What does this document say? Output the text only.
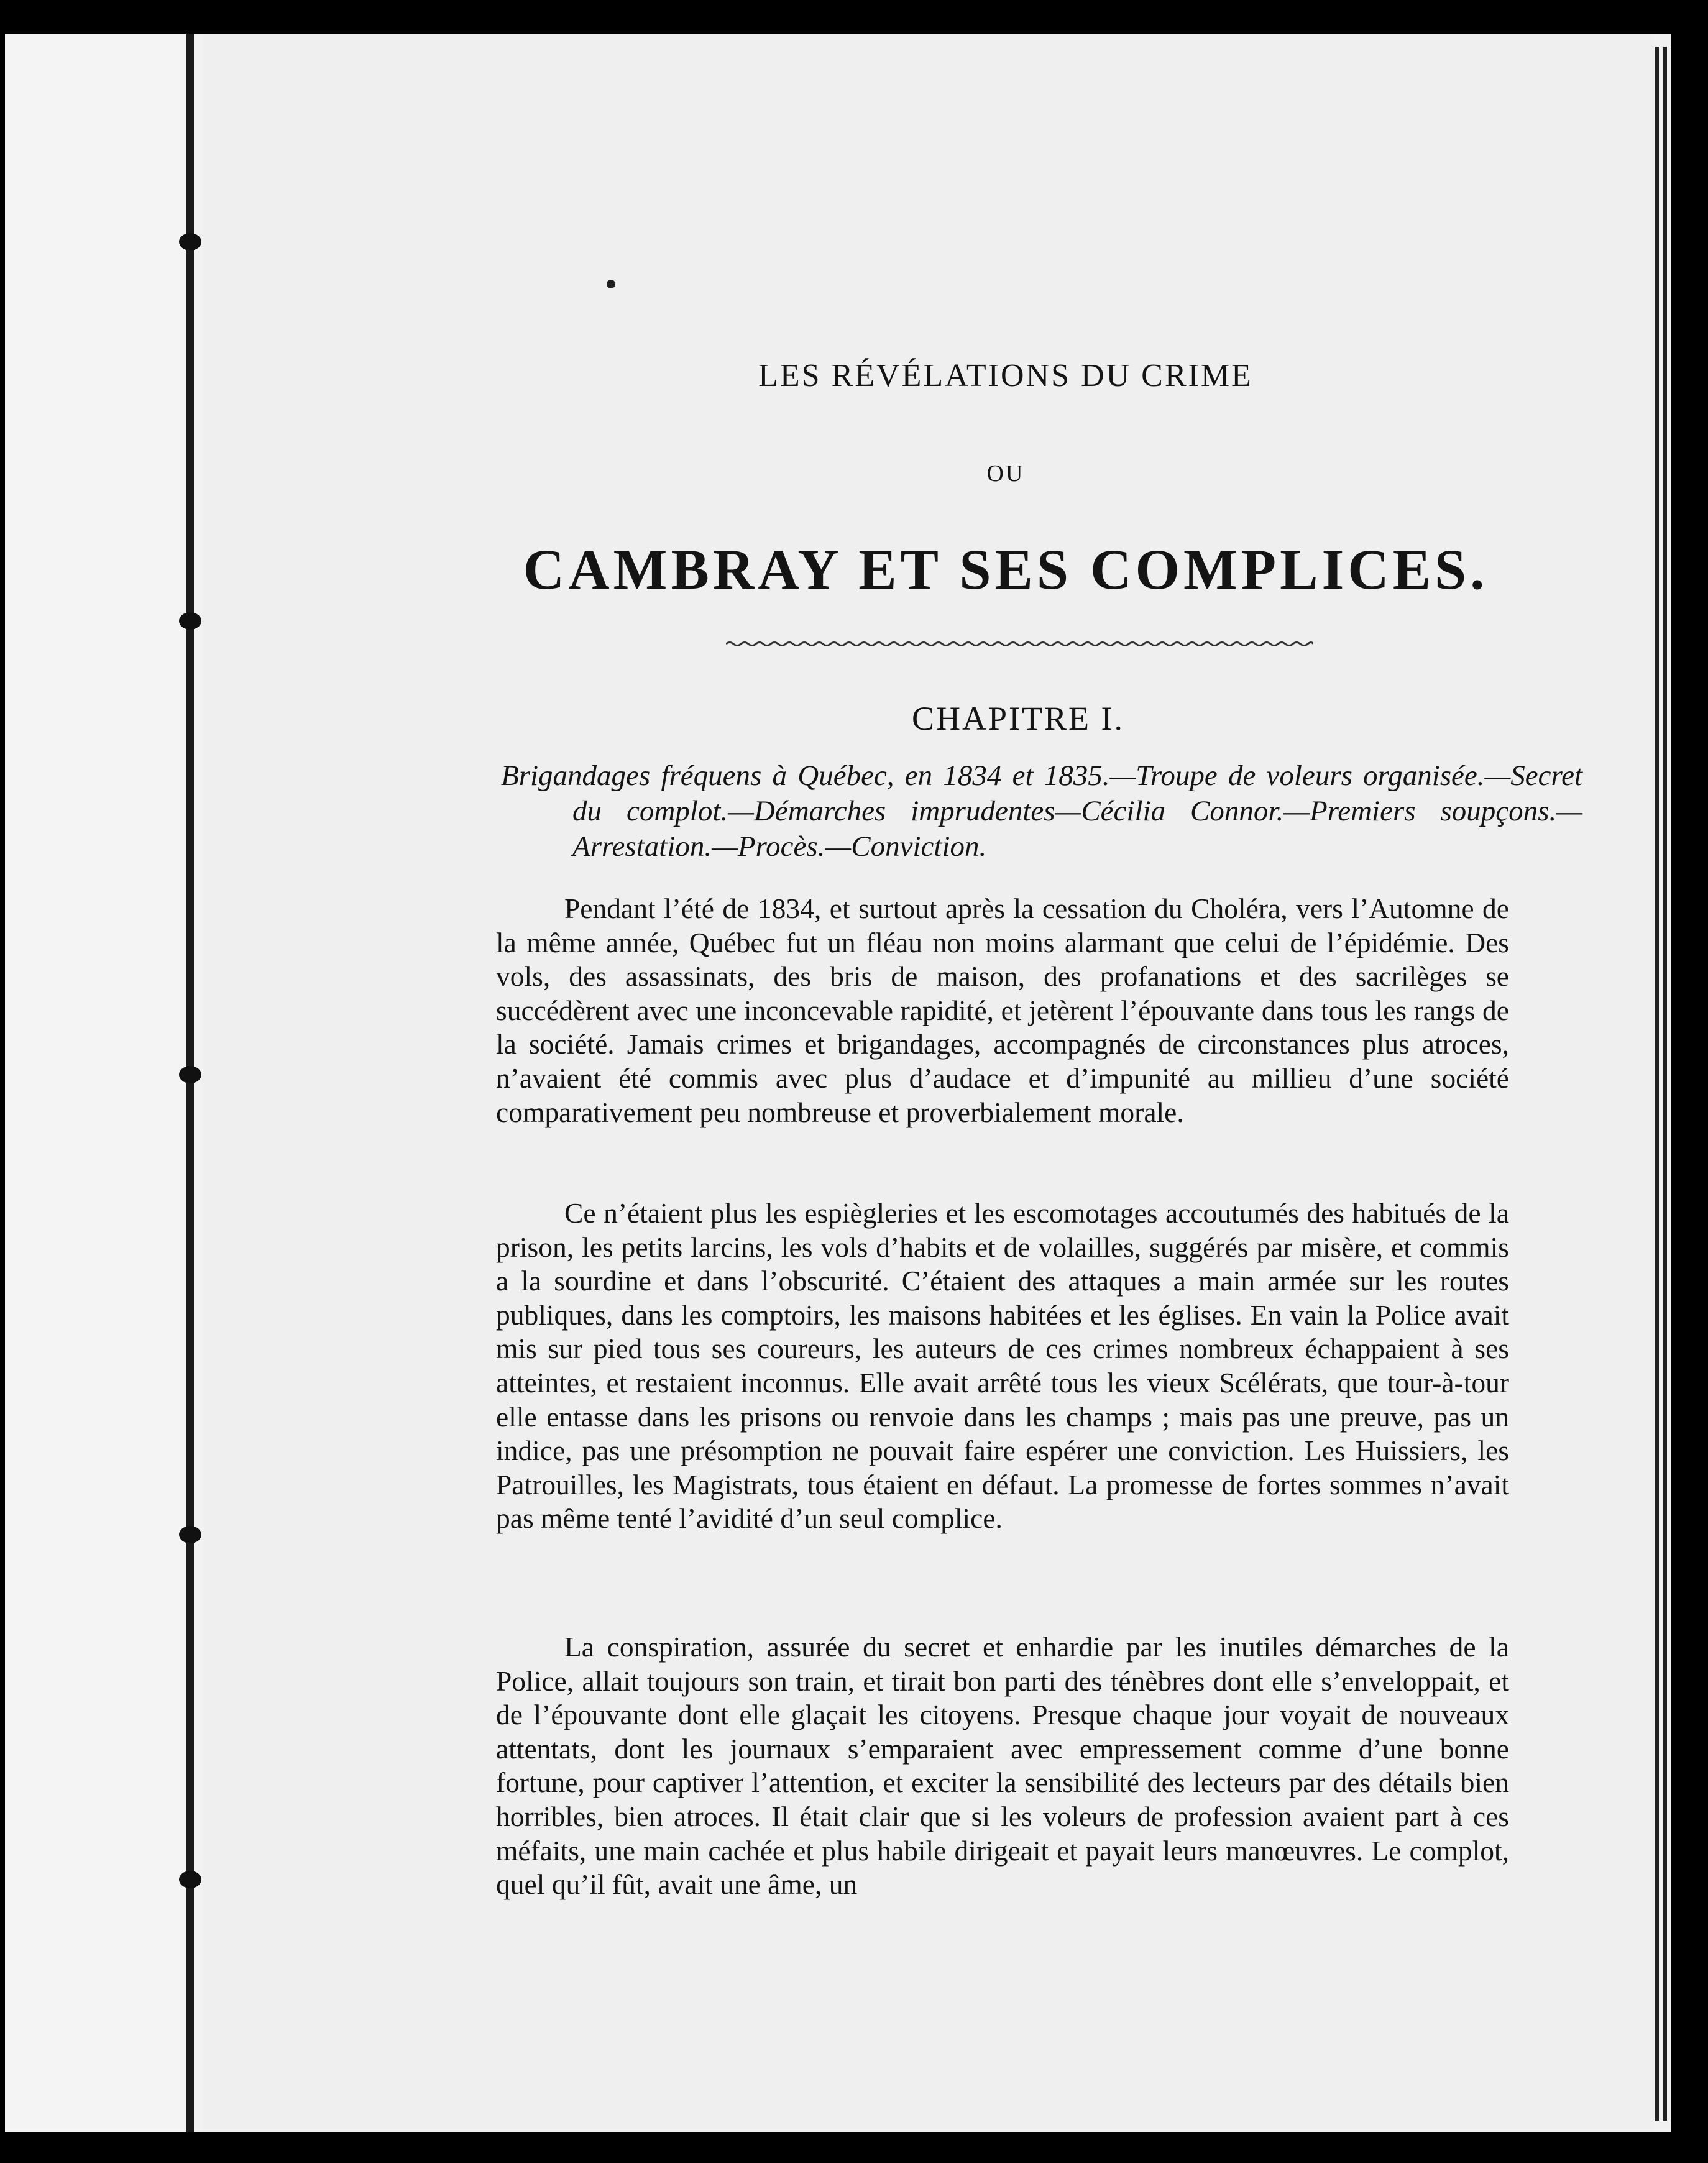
LES RÉVÉLATIONS DU CRIME
OU
CAMBRAY ET SES COMPLICES.
CHAPITRE I.
Brigandages fréquens à Québec, en 1834 et 1835.—Troupe de voleurs organisée.—Secret du complot.—Démarches imprudentes—Cécilia Connor.—Premiers soupçons.—Arrestation.—Procès.—Conviction.
Pendant l’été de 1834, et surtout après la cessation du Choléra, vers l’Automne de la même année, Québec fut un fléau non moins alarmant que celui de l’épidémie. Des vols, des assassinats, des bris de maison, des profanations et des sacrilèges se succédèrent avec une inconcevable rapidité, et jetèrent l’épouvante dans tous les rangs de la société. Jamais crimes et brigandages, accompagnés de circonstances plus atroces, n’avaient été commis avec plus d’audace et d’impunité au millieu d’une société comparativement peu nombreuse et proverbialement morale.
Ce n’étaient plus les espiègleries et les escomotages accoutumés des habitués de la prison, les petits larcins, les vols d’habits et de volailles, suggérés par misère, et commis a la sourdine et dans l’obscurité. C’étaient des attaques a main armée sur les routes publiques, dans les comptoirs, les maisons habitées et les églises. En vain la Police avait mis sur pied tous ses coureurs, les auteurs de ces crimes nombreux échappaient à ses atteintes, et restaient inconnus. Elle avait arrêté tous les vieux Scélérats, que tour-à-tour elle entasse dans les prisons ou renvoie dans les champs ; mais pas une preuve, pas un indice, pas une présomption ne pouvait faire espérer une conviction. Les Huissiers, les Patrouilles, les Magistrats, tous étaient en défaut. La promesse de fortes sommes n’avait pas même tenté l’avidité d’un seul complice.
La conspiration, assurée du secret et enhardie par les inutiles démarches de la Police, allait toujours son train, et tirait bon parti des ténèbres dont elle s’enveloppait, et de l’épouvante dont elle glaçait les citoyens. Presque chaque jour voyait de nouveaux attentats, dont les journaux s’emparaient avec empressement comme d’une bonne fortune, pour captiver l’attention, et exciter la sensibilité des lecteurs par des détails bien horribles, bien atroces. Il était clair que si les voleurs de profession avaient part à ces méfaits, une main cachée et plus habile dirigeait et payait leurs manœuvres. Le complot, quel qu’il fût, avait une âme, un
